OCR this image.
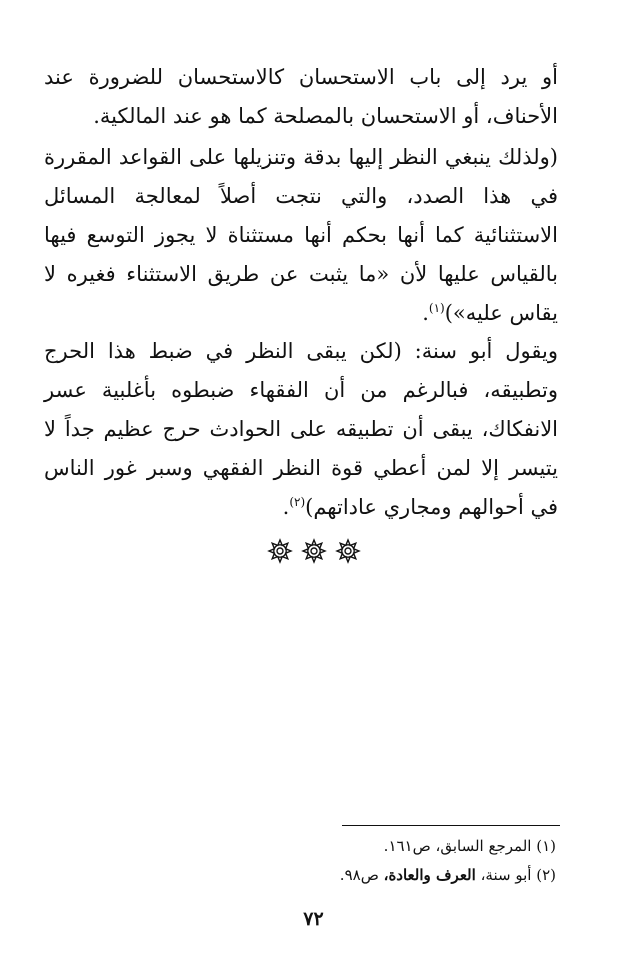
أو يرد إلى باب الاستحسان كالاستحسان للضرورة عند الأحناف، أو الاستحسان بالمصلحة كما هو عند المالكية.

(ولذلك ينبغي النظر إليها بدقة وتنزيلها على القواعد المقررة في هذا الصدد، والتي نتجت أصلاً لمعالجة المسائل الاستثنائية كما أنها بحكم أنها مستثناة لا يجوز التوسع فيها بالقياس عليها لأن «ما يثبت عن طريق الاستثناء فغيره لا يقاس عليه»)$^{(١)}$.

ويقول أبو سنة: (لكن يبقى النظر في ضبط هذا الحرج وتطبيقه، فبالرغم من أن الفقهاء ضبطوه بأغلبية عسر الانفكاك، يبقى أن تطبيقه على الحوادث حرج عظيم جداً لا يتيسر إلا لمن أعطي قوة النظر الفقهي وسبر غور الناس في أحوالهم ومجاري عاداتهم)$^{(٢)}$.

(١) المرجع السابق، ص١٦١.

(٢) أبو سنة، العرف والعادة، ص٩٨.

٧٢
